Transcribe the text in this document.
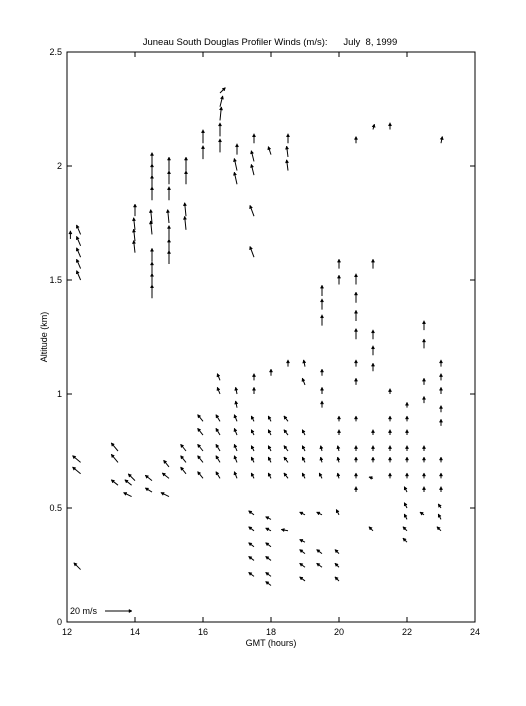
Juneau South Douglas Profiler Winds (m/s):      July  8, 1999
12	14	16	18	20	22	24
0
0.5
1
1.5
2
2.5
GMT (hours)
Altitude (km)
20 m/s
